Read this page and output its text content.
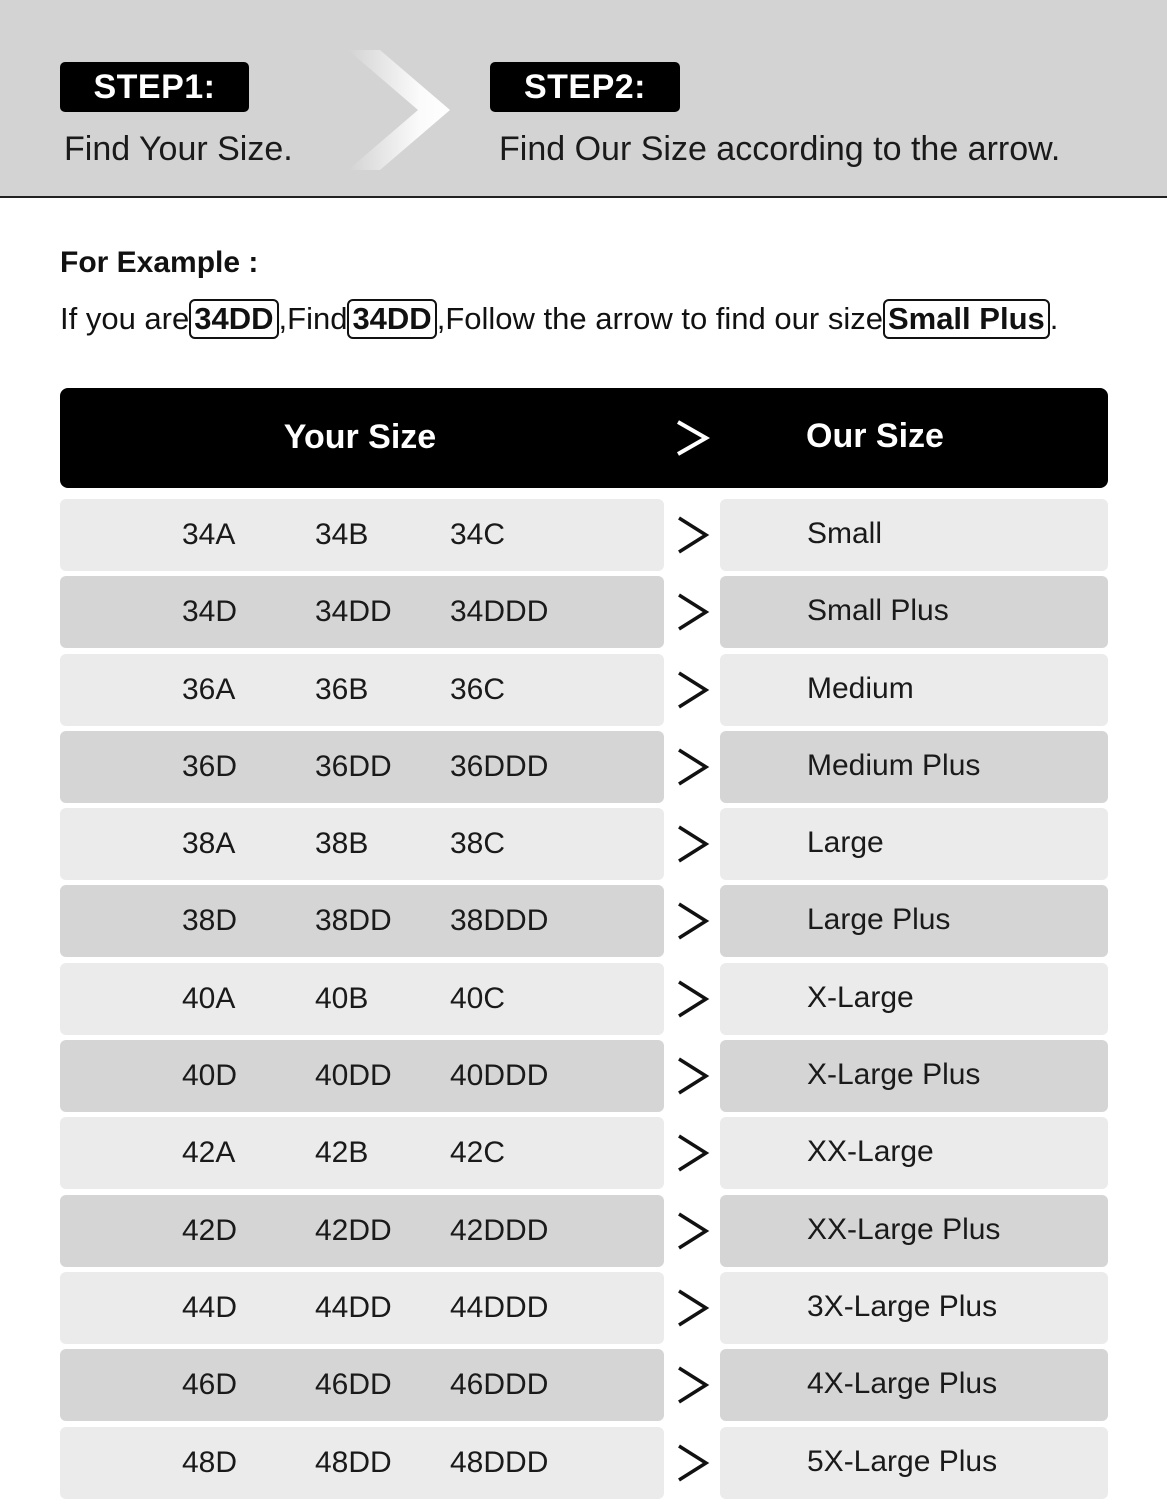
STEP1:
Find Your Size.
STEP2:
Find Our Size according to the arrow.
For Example :
If you are 34DD ,Find 34DD ,Follow the arrow to find our size Small Plus .
Your Size	Our Size
34A	34B	34C	Small
34D	34DD 34DDD	Small Plus
36A	36B	36C	Medium
36D	36DD 36DDD	Medium Plus
38A	38B	38C	Large
38D	38DD 38DDD	Large Plus
40A	40B	40C	X-Large
40D	40DD 40DDD	X-Large Plus
42A	42B	42C	XX-Large
42D	42DD 42DDD	XX-Large Plus
44D	44DD 44DDD	3X-Large Plus
46D	46DD 46DDD	4X-Large Plus
48D	48DD 48DDD	5X-Large Plus
